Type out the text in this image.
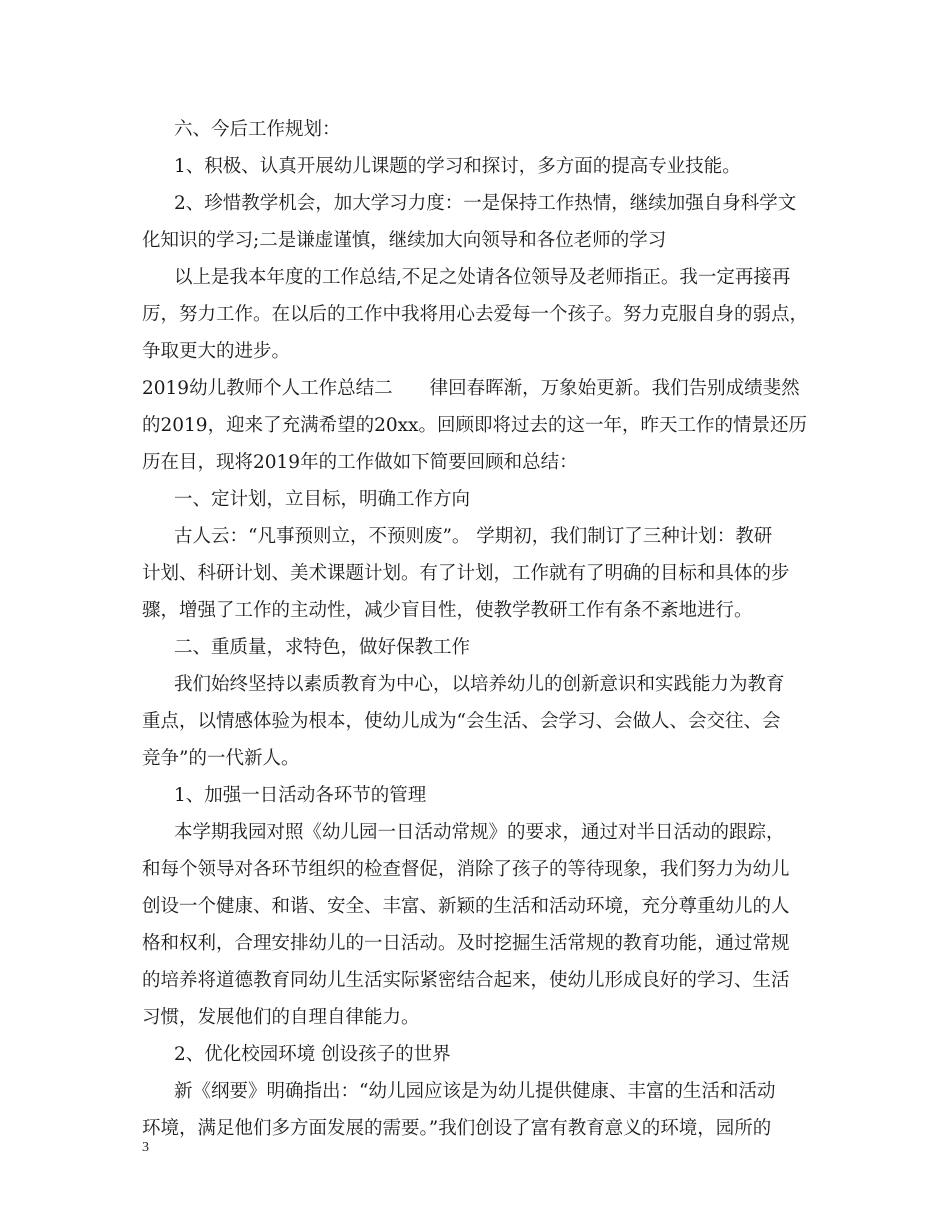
六、今后工作规划：
1、积极、认真开展幼儿课题的学习和探讨，多方面的提高专业技能。
2、珍惜教学机会，加大学习力度：一是保持工作热情，继续加强自身科学文
化知识的学习;二是谦虚谨慎，继续加大向领导和各位老师的学习
以上是我本年度的工作总结,不足之处请各位领导及老师指正。我一定再接再
厉，努力工作。在以后的工作中我将用心去爱每一个孩子。努力克服自身的弱点，
争取更大的进步。
2019幼儿教师个人工作总结二　　律回春晖渐，万象始更新。我们告别成绩斐然
的2019，迎来了充满希望的20xx。回顾即将过去的这一年，昨天工作的情景还历
历在目，现将2019年的工作做如下简要回顾和总结：
一、定计划，立目标，明确工作方向
古人云：“凡事预则立，不预则废”。 学期初，我们制订了三种计划：教研
计划、科研计划、美术课题计划。有了计划，工作就有了明确的目标和具体的步
骤，增强了工作的主动性，减少盲目性，使教学教研工作有条不紊地进行。
二、重质量，求特色，做好保教工作
我们始终坚持以素质教育为中心，以培养幼儿的创新意识和实践能力为教育
重点，以情感体验为根本，使幼儿成为“会生活、会学习、会做人、会交往、会
竞争”的一代新人。
1、加强一日活动各环节的管理
本学期我园对照《幼儿园一日活动常规》的要求，通过对半日活动的跟踪，
和每个领导对各环节组织的检查督促，消除了孩子的等待现象，我们努力为幼儿
创设一个健康、和谐、安全、丰富、新颖的生活和活动环境，充分尊重幼儿的人
格和权利，合理安排幼儿的一日活动。及时挖掘生活常规的教育功能，通过常规
的培养将道德教育同幼儿生活实际紧密结合起来，使幼儿形成良好的学习、生活
习惯，发展他们的自理自律能力。
2、优化校园环境 创设孩子的世界
新《纲要》明确指出：“幼儿园应该是为幼儿提供健康、丰富的生活和活动
环境，满足他们多方面发展的需要。”我们创设了富有教育意义的环境，园所的
3
